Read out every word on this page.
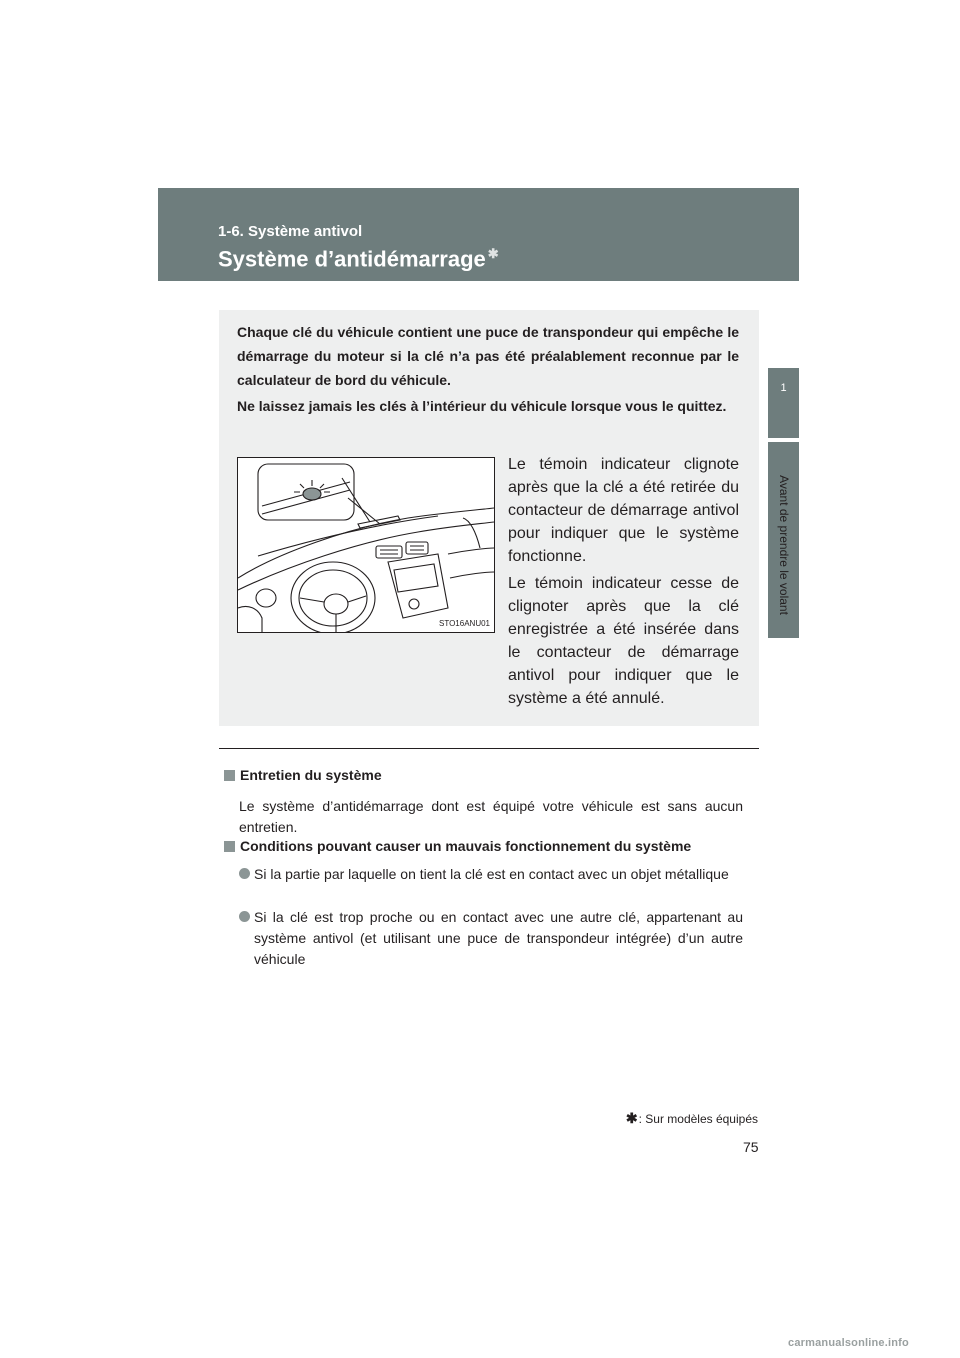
1-6. Système antivol
Système d’antidémarrage ✱
1
Avant de prendre le volant

Chaque clé du véhicule contient une puce de transpondeur qui empêche le démarrage du moteur si la clé n’a pas été préalablement reconnue par le calculateur de bord du véhicule.

Ne laissez jamais les clés à l’intérieur du véhicule lorsque vous le quittez.

STO16ANU01

Le témoin indicateur clignote après que la clé a été retirée du contacteur de démarrage antivol pour indiquer que le système fonctionne.

Le témoin indicateur cesse de clignoter après que la clé enregistrée a été insérée dans le contacteur de démarrage antivol pour indiquer que le système a été annulé.

Entretien du système

Le système d’antidémarrage dont est équipé votre véhicule est sans aucun entretien.

Conditions pouvant causer un mauvais fonctionnement du système

Si la partie par laquelle on tient la clé est en contact avec un objet métallique

Si la clé est trop proche ou en contact avec une autre clé, appartenant au système antivol (et utilisant une puce de transpondeur intégrée) d’un autre véhicule

✱: Sur modèles équipés
75
carmanualsonline.info
